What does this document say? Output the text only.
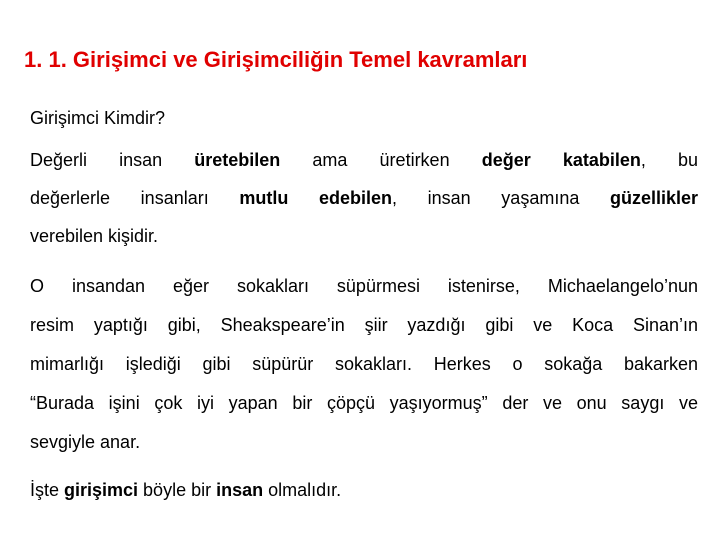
1. 1. Girişimci ve Girişimciliğin Temel kavramları

Girişimci Kimdir?

Değerli insan üretebilen ama üretirken değer katabilen, bu
değerlerle insanları mutlu edebilen, insan yaşamına güzellikler
verebilen kişidir.
O insandan eğer sokakları süpürmesi istenirse, Michaelangelo’nun
resim yaptığı gibi, Sheakspeare’in şiir yazdığı gibi ve Koca Sinan’ın
mimarlığı işlediği gibi süpürür sokakları. Herkes o sokağa bakarken
“Burada işini çok iyi yapan bir çöpçü yaşıyormuş” der ve onu saygı ve
sevgiyle anar.
İşte girişimci böyle bir insan olmalıdır.
